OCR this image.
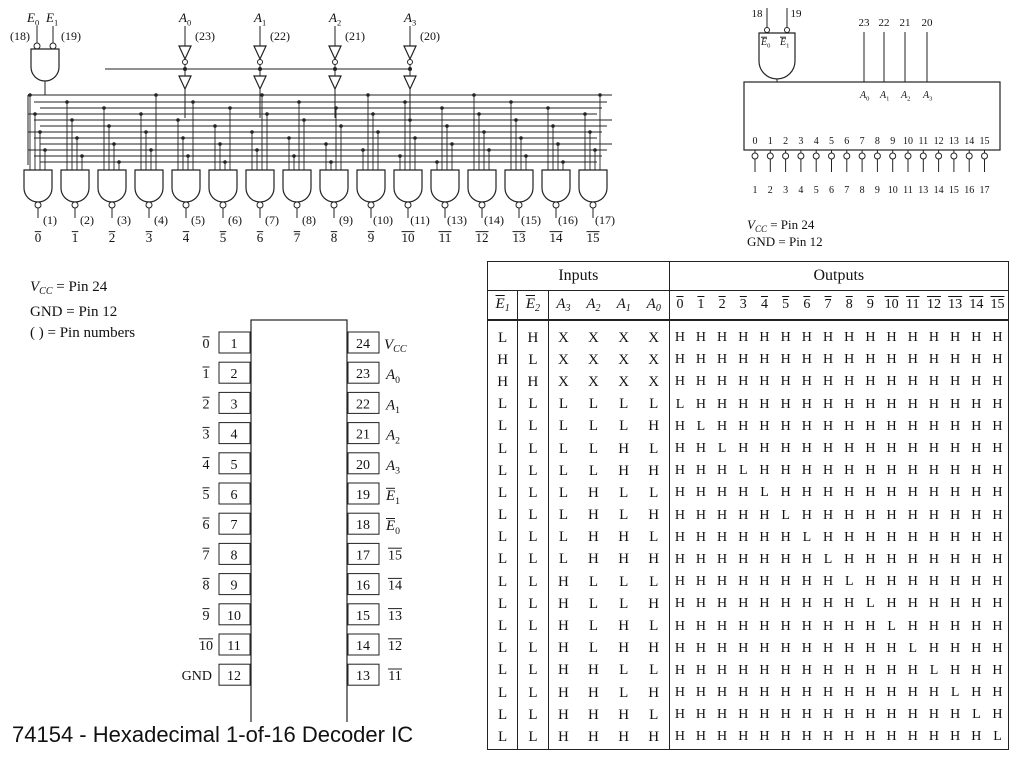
$E_0$ $E_1$
(18)	(19)
$A_0$
(23)
$A_1$
(22)
$A_2$
(21)
$A_3$
(20)
(1)
0
(2)
1
(3)
2
(4)
3
(5)
4
(6)
5
(7)
6
(8)
7
(9)
8
(10)
9
(11)
10
(13)
11
(14)
12
(15)
13
(16)
14
(17)
15
18	19
$E_0$ $E_1$
23
$A_0$
22
$A_1$
21
$A_2$
20
$A_3$
0
1
1
2
2
3
3
4
4
5
5
6
6
7
7
8
8
9
9
10
10
11
11
13
12
14
13
15
14
16
15
17
$V_{CC}$ = Pin 24
GND = Pin 12
1
0	24 $V_{CC}$
2
1	23 $A_0$
3
2	22 $A_1$
4
3	21 $A_2$
5
4	20 $A_3$
6
5	19 $E_1$
7
6	18 $E_0$
8
7	17 15
9
8	16 14
10
9	15 13
11
10	14 12
12
GND	13 11
$V_{CC}$ = Pin 24
GND = Pin 12
( ) = Pin numbers
Inputs						Outputs															
$\overline{E}_1$	$\overline{E}_2$	$A_3$	$A_2$	$A_1$	$A_0$	0	1	2	3	4	5	6	7	8	9	10	11	12	13	14	15
L	H	X	X	X	X	H	H	H	H	H	H	H	H	H	H	H	H	H	H	H	H
H	L	X	X	X	X	H	H	H	H	H	H	H	H	H	H	H	H	H	H	H	H
H	H	X	X	X	X	H	H	H	H	H	H	H	H	H	H	H	H	H	H	H	H
L	L	L	L	L	L	L	H	H	H	H	H	H	H	H	H	H	H	H	H	H	H
L	L	L	L	L	H	H	L	H	H	H	H	H	H	H	H	H	H	H	H	H	H
L	L	L	L	H	L	H	H	L	H	H	H	H	H	H	H	H	H	H	H	H	H
L	L	L	L	H	H	H	H	H	L	H	H	H	H	H	H	H	H	H	H	H	H
L	L	L	H	L	L	H	H	H	H	L	H	H	H	H	H	H	H	H	H	H	H
L	L	L	H	L	H	H	H	H	H	H	L	H	H	H	H	H	H	H	H	H	H
L	L	L	H	H	L	H	H	H	H	H	H	L	H	H	H	H	H	H	H	H	H
L	L	L	H	H	H	H	H	H	H	H	H	H	L	H	H	H	H	H	H	H	H
L	L	H	L	L	L	H	H	H	H	H	H	H	H	L	H	H	H	H	H	H	H
L	L	H	L	L	H	H	H	H	H	H	H	H	H	H	L	H	H	H	H	H	H
L	L	H	L	H	L	H	H	H	H	H	H	H	H	H	H	L	H	H	H	H	H
L	L	H	L	H	H	H	H	H	H	H	H	H	H	H	H	H	L	H	H	H	H
L	L	H	H	L	L	H	H	H	H	H	H	H	H	H	H	H	H	L	H	H	H
L	L	H	H	L	H	H	H	H	H	H	H	H	H	H	H	H	H	H	L	H	H
L	L	H	H	H	L	H	H	H	H	H	H	H	H	H	H	H	H	H	H	L	H
L	L	H	H	H	H	H	H	H	H	H	H	H	H	H	H	H	H	H	H	H	L
74154 - Hexadecimal 1-of-16 Decoder IC
